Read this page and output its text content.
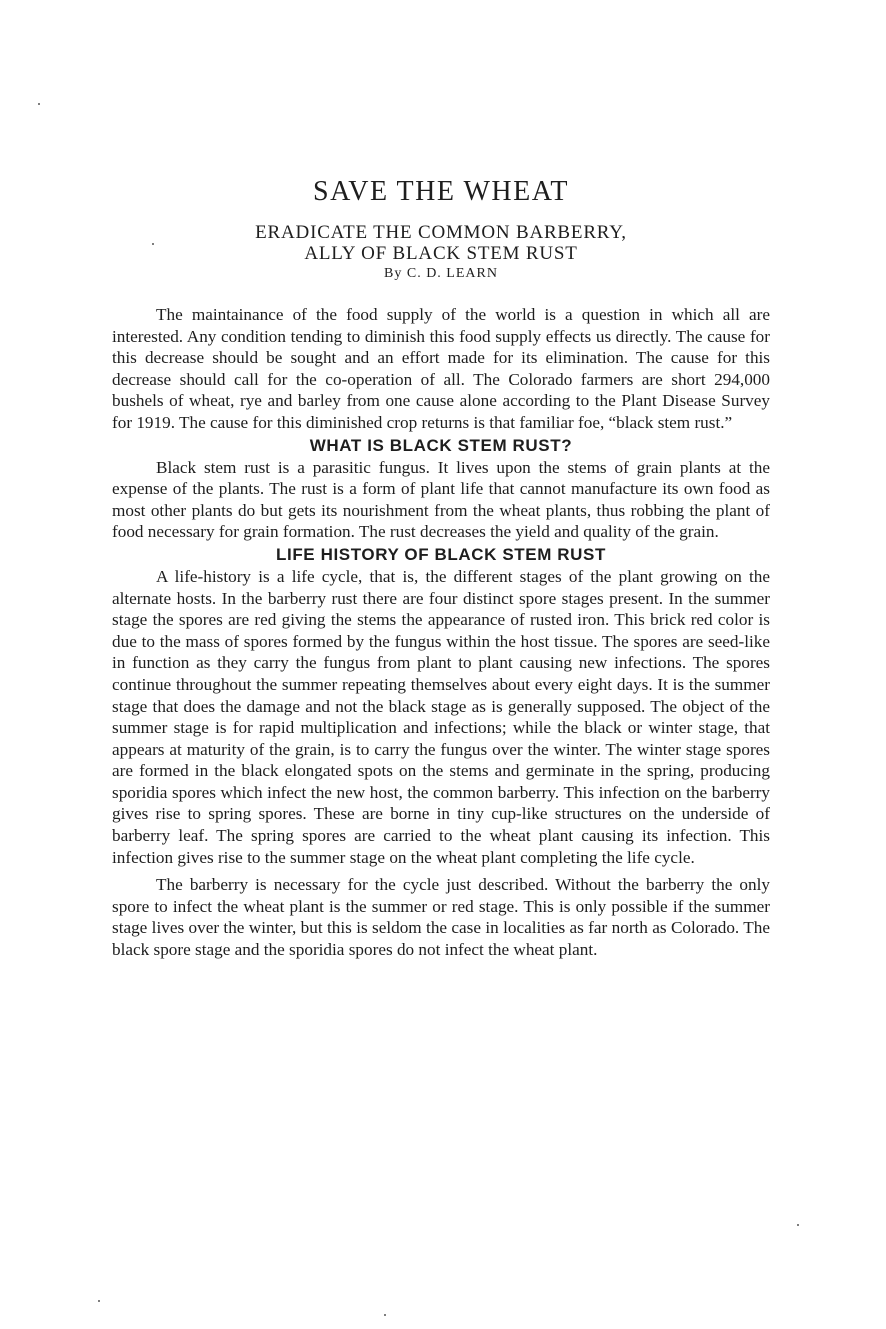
SAVE THE WHEAT

ERADICATE THE COMMON BARBERRY,

ALLY OF BLACK STEM RUST

By C. D. LEARN

The maintainance of the food supply of the world is a question in which all are interested. Any condition tending to diminish this food supply effects us directly. The cause for this decrease should be sought and an effort made for its elimination. The cause for this decrease should call for the co-operation of all. The Colorado farmers are short 294,000 bushels of wheat, rye and barley from one cause alone according to the Plant Disease Survey for 1919. The cause for this diminished crop returns is that familiar foe, “black stem rust.”

WHAT IS BLACK STEM RUST?

Black stem rust is a parasitic fungus. It lives upon the stems of grain plants at the expense of the plants. The rust is a form of plant life that cannot manufacture its own food as most other plants do but gets its nourishment from the wheat plants, thus robbing the plant of food necessary for grain formation. The rust decreases the yield and quality of the grain.

LIFE HISTORY OF BLACK STEM RUST

A life-history is a life cycle, that is, the different stages of the plant growing on the alternate hosts. In the barberry rust there are four distinct spore stages present. In the summer stage the spores are red giving the stems the appearance of rusted iron. This brick red color is due to the mass of spores formed by the fungus within the host tissue. The spores are seed-like in function as they carry the fungus from plant to plant causing new infections. The spores continue throughout the summer repeating themselves about every eight days. It is the summer stage that does the damage and not the black stage as is generally supposed. The object of the summer stage is for rapid multiplication and infections; while the black or winter stage, that appears at maturity of the grain, is to carry the fungus over the winter. The winter stage spores are formed in the black elongated spots on the stems and germinate in the spring, producing sporidia spores which infect the new host, the common barberry. This infection on the barberry gives rise to spring spores. These are borne in tiny cup-like structures on the underside of barberry leaf. The spring spores are carried to the wheat plant causing its infection. This infection gives rise to the summer stage on the wheat plant completing the life cycle.

The barberry is necessary for the cycle just described. Without the barberry the only spore to infect the wheat plant is the summer or red stage. This is only possible if the summer stage lives over the winter, but this is seldom the case in localities as far north as Colorado. The black spore stage and the sporidia spores do not infect the wheat plant.
